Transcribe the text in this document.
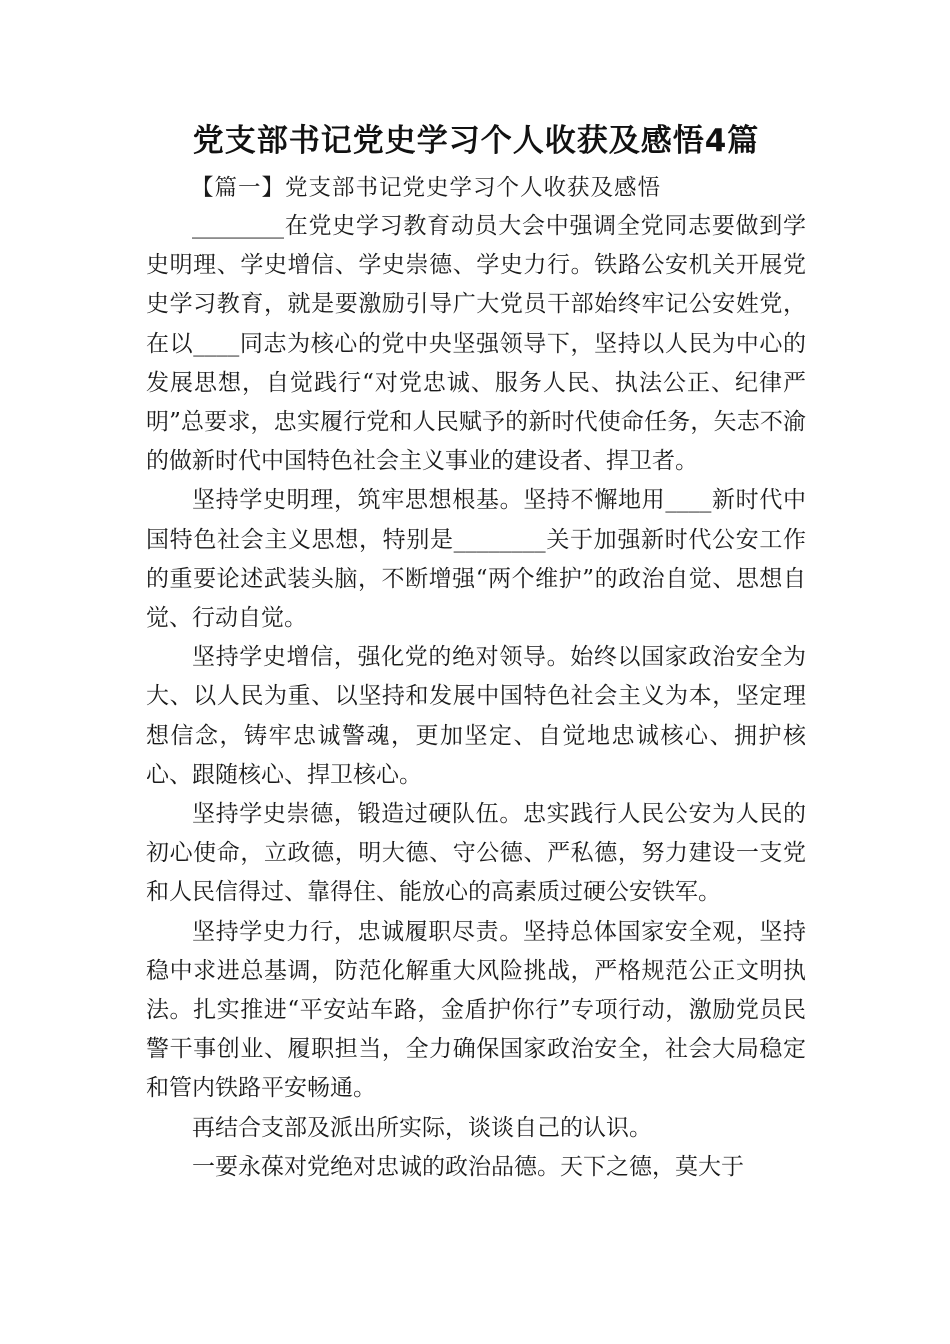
党支部书记党史学习个人收获及感悟4篇

【篇一】党支部书记党史学习个人收获及感悟

________在党史学习教育动员大会中强调全党同志要做到学史明理、学史增信、学史崇德、学史力行。铁路公安机关开展党史学习教育，就是要激励引导广大党员干部始终牢记公安姓党，在以____同志为核心的党中央坚强领导下，坚持以人民为中心的发展思想，自觉践行“对党忠诚、服务人民、执法公正、纪律严明”总要求，忠实履行党和人民赋予的新时代使命任务，矢志不渝的做新时代中国特色社会主义事业的建设者、捍卫者。

坚持学史明理，筑牢思想根基。坚持不懈地用____新时代中国特色社会主义思想，特别是________关于加强新时代公安工作的重要论述武装头脑，不断增强“两个维护”的政治自觉、思想自觉、行动自觉。

坚持学史增信，强化党的绝对领导。始终以国家政治安全为大、以人民为重、以坚持和发展中国特色社会主义为本，坚定理想信念，铸牢忠诚警魂，更加坚定、自觉地忠诚核心、拥护核心、跟随核心、捍卫核心。

坚持学史崇德，锻造过硬队伍。忠实践行人民公安为人民的初心使命，立政德，明大德、守公德、严私德，努力建设一支党和人民信得过、靠得住、能放心的高素质过硬公安铁军。

坚持学史力行，忠诚履职尽责。坚持总体国家安全观，坚持稳中求进总基调，防范化解重大风险挑战，严格规范公正文明执法。扎实推进“平安站车路，金盾护你行”专项行动，激励党员民警干事创业、履职担当，全力确保国家政治安全，社会大局稳定和管内铁路平安畅通。

再结合支部及派出所实际，谈谈自己的认识。

一要永葆对党绝对忠诚的政治品德。天下之德，莫大于
